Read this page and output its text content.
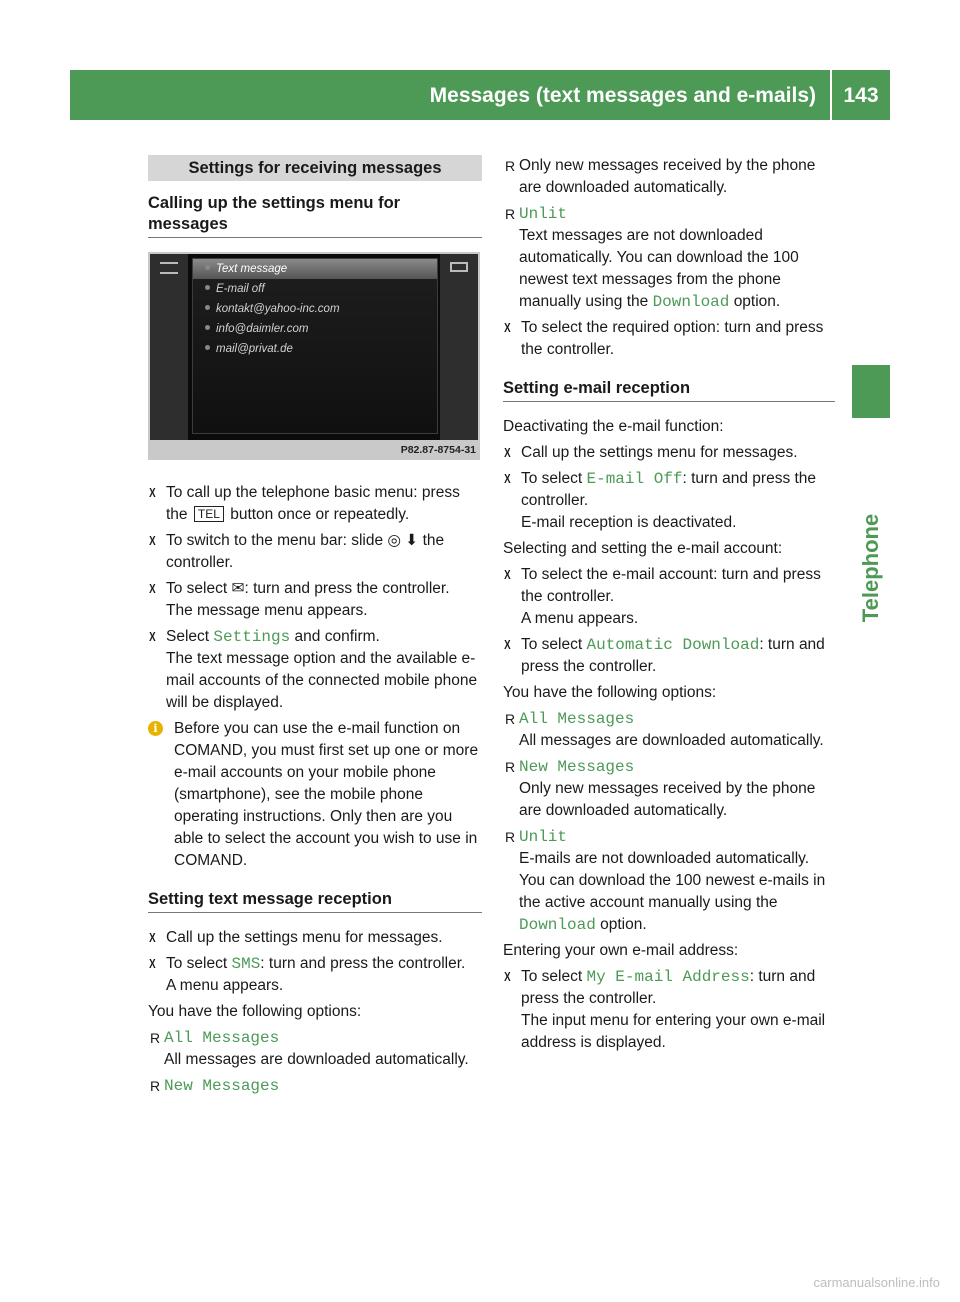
Messages (text messages and e-mails)	143
Telephone
Settings for receiving messages
Calling up the settings menu for messages
Text message
E-mail off
kontakt@yahoo-inc.com
info@daimler.com
mail@privat.de
P82.87-8754-31
X To call up the telephone basic menu: press the TEL button once or repeatedly.
X To switch to the menu bar: slide ◎ ⬇ the controller.
X To select ✉: turn and press the controller.
The message menu appears.
X Select Settings and confirm.
The text message option and the available e-mail accounts of the connected mobile phone will be displayed.
i	Before you can use the e-mail function on COMAND, you must first set up one or more e-mail accounts on your mobile phone (smartphone), see the mobile phone operating instructions. Only then are you able to select the account you wish to use in COMAND.
Setting text message reception
X Call up the settings menu for messages.
X To select SMS: turn and press the controller.
A menu appears.

You have the following options:

R All Messages
All messages are downloaded automatically.
R New Messages
R Only new messages received by the phone are downloaded automatically.
R Unlit
Text messages are not downloaded automatically. You can download the 100 newest text messages from the phone manually using the Download option.
X To select the required option: turn and press the controller.
Setting e-mail reception

Deactivating the e-mail function:

X Call up the settings menu for messages.
X To select E-mail Off: turn and press the controller.
E-mail reception is deactivated.

Selecting and setting the e-mail account:

X To select the e-mail account: turn and press the controller.
A menu appears.
X To select Automatic Download: turn and press the controller.

You have the following options:

R All Messages
All messages are downloaded automatically.
R New Messages
Only new messages received by the phone are downloaded automatically.
R Unlit
E-mails are not downloaded automatically. You can download the 100 newest e-mails in the active account manually using the Download option.

Entering your own e-mail address:

X To select My E-mail Address: turn and press the controller.
The input menu for entering your own e-mail address is displayed.
carmanualsonline.info
